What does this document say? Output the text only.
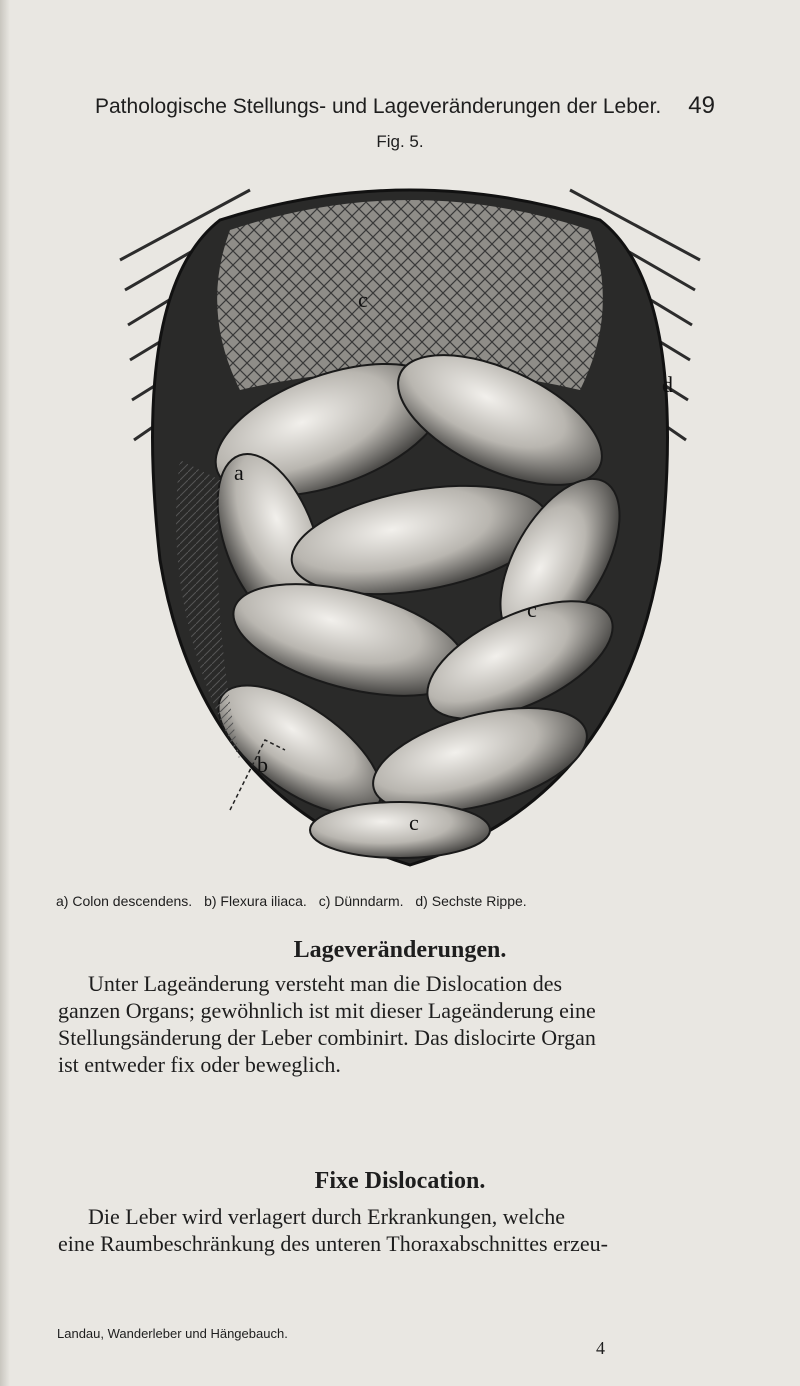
Pathologische Stellungs- und Lageveränderungen der Leber. 49
Fig. 5.
c
d
a
c
b
c
a) Colon descendens. b) Flexura iliaca. c) Dünndarm. d) Sechste Rippe.
Lageveränderungen.
Unter Lageänderung versteht man die Dislocation des
ganzen Organs; gewöhnlich ist mit dieser Lageänderung eine
Stellungsänderung der Leber combinirt. Das dislocirte Organ
ist entweder fix oder beweglich.
Fixe Dislocation.
Die Leber wird verlagert durch Erkrankungen, welche
eine Raumbeschränkung des unteren Thoraxabschnittes erzeu-
Landau, Wanderleber und Hängebauch.
4
